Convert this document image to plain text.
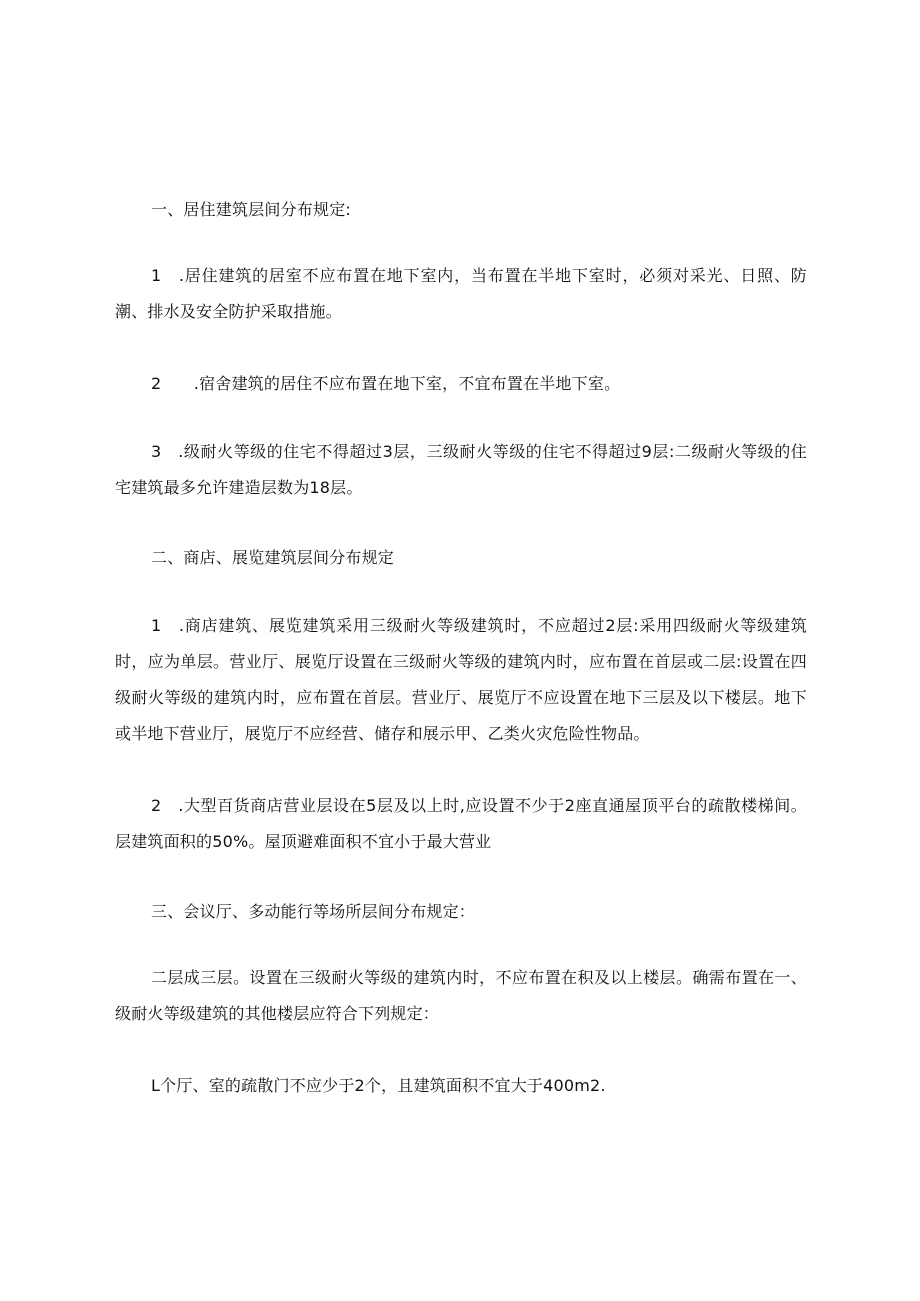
一、居住建筑层间分布规定:

1　.居住建筑的居室不应布置在地下室内，当布置在半地下室时，必须对采光、日照、防潮、排水及安全防护采取措施。

2　　.宿舍建筑的居住不应布置在地下室，不宜布置在半地下室。

3　.级耐火等级的住宅不得超过3层，三级耐火等级的住宅不得超过9层:二级耐火等级的住宅建筑最多允许建造层数为18层。

二、商店、展览建筑层间分布规定

1　.商店建筑、展览建筑采用三级耐火等级建筑时，不应超过2层:采用四级耐火等级建筑时，应为单层。营业厅、展览厅设置在三级耐火等级的建筑内时，应布置在首层或二层:设置在四级耐火等级的建筑内时，应布置在首层。营业厅、展览厅不应设置在地下三层及以下楼层。地下或半地下营业厅，展览厅不应经营、储存和展示甲、乙类火灾危险性物品。

2　.大型百货商店营业层设在5层及以上时,应设置不少于2座直通屋顶平台的疏散楼梯间。层建筑面积的50%。屋顶避难面积不宜小于最大营业

三、会议厅、多动能行等场所层间分布规定：

二层成三层。设置在三级耐火等级的建筑内时，不应布置在积及以上楼层。确需布置在一、级耐火等级建筑的其他楼层应符合下列规定：

L个厅、室的疏散门不应少于2个，且建筑面积不宜大于400m2.
